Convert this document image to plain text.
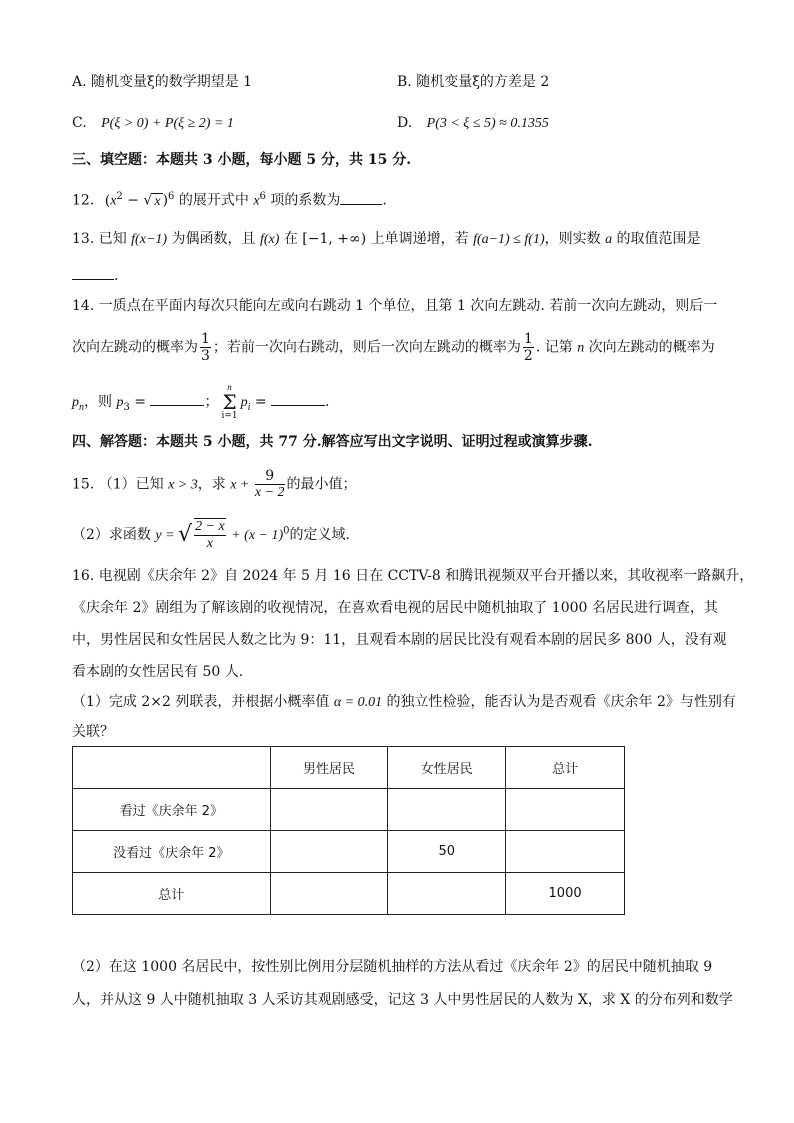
A. 随机变量ξ的数学期望是 1	B. 随机变量ξ的方差是 2
C. P(ξ > 0) + P(ξ ≥ 2) = 1	D. P(3 < ξ ≤ 5) ≈ 0.1355
三、填空题：本题共 3 小题，每小题 5 分，共 15 分.
12. ($x^2$ − √ x )$^6$ 的展开式中 $x^6$ 项的系数为	.
13. 已知 f(x−1) 为偶函数，且 f(x) 在 [−1, +∞) 上单调递增，若 f(a−1) ≤ f(1)，则实数 a 的取值范围是
.
14. 一质点在平面内每次只能向左或向右跳动 1 个单位，且第 1 次向左跳动. 若前一次向左跳动，则后一
次向左跳动的概率为 $\frac{1}{3}$ ；若前一次向右跳动，则后一次向左跳动的概率为 $\frac{1}{2}$ . 记第 n 次向左跳动的概率为
$p_n$，则 $p_3$ =	；
n
Σ
i=1
$p_i$ =	.
四、解答题：本题共 5 小题，共 77 分.解答应写出文字说明、证明过程或演算步骤.
15. （1）已知 x > 3，求 $x + \frac{9}{x - 2}$ 的最小值；
（2）求函数 y = √ $\frac{2 - x}{x} + (x - 1)^0$的定义域.
16. 电视剧《庆余年 2》自 2024 年 5 月 16 日在 CCTV-8 和腾讯视频双平台开播以来，其收视率一路飙升，
《庆余年 2》剧组为了解该剧的收视情况，在喜欢看电视的居民中随机抽取了 1000 名居民进行调查，其
中，男性居民和女性居民人数之比为 9：11，且观看本剧的居民比没有观看本剧的居民多 800 人，没有观
看本剧的女性居民有 50 人.
（1）完成 2×2 列联表，并根据小概率值 α = 0.01 的独立性检验，能否认为是否观看《庆余年 2》与性别有
关联？
	男性居民	女性居民	总计
看过《庆余年 2》			
没看过《庆余年 2》		50	
总计			1000
（2）在这 1000 名居民中，按性别比例用分层随机抽样的方法从看过《庆余年 2》的居民中随机抽取 9
人，并从这 9 人中随机抽取 3 人采访其观剧感受，记这 3 人中男性居民的人数为 X，求 X 的分布列和数学
